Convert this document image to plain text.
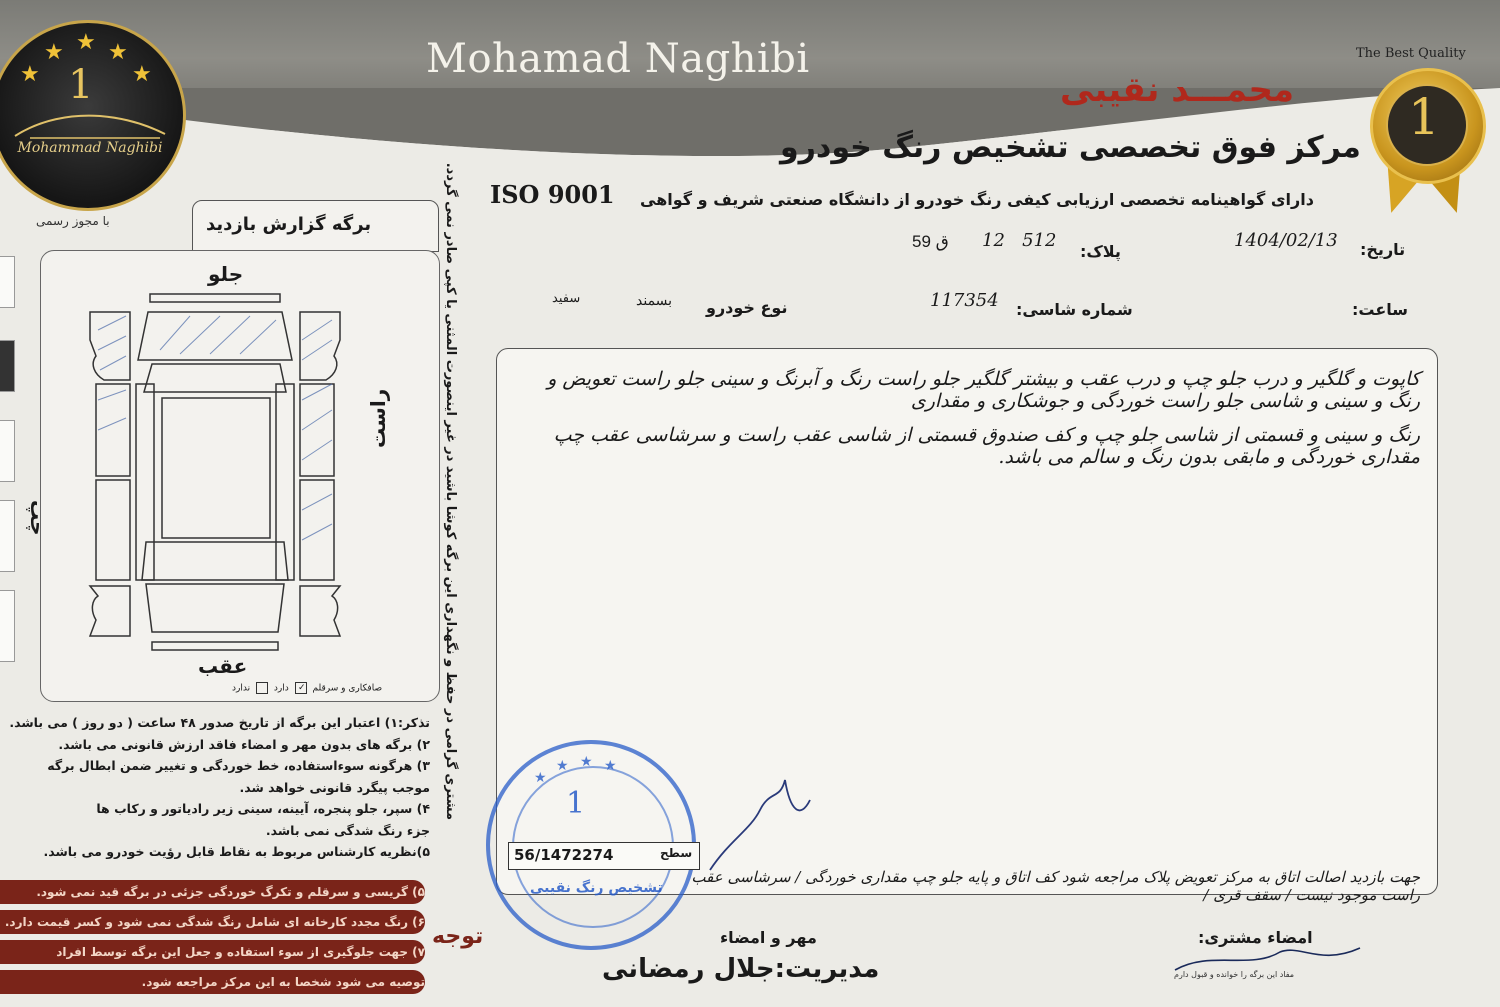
Mohamad Naghibi
★
★ ★ ★
★
1
Mohammad Naghibi
با مجوز رسمی
The Best Quality
1
محمـــد نقیبی
مرکز فوق تخصصی تشخیص رنگ خودرو
دارای گواهینامه تخصصی ارزیابی کیفی رنگ خودرو از دانشگاه صنعتی شریف و گواهی
ISO 9001
تاریخ:
1404/02/13
پلاک:
12   512
ق 59
ساعت:
شماره شاسی:
117354
نوع خودرو
بسمند
سفید
برگه گزارش بازدید
جلو
عقب
راست
چپ
صافکاری و سرقلم ✓ دارد  ندارد	مشتری گرامی در حفظ و نگهداری این برگه کوشا باشید در غیر اینصورت المثنی یا کپی صادر نمی گردد.
تذکر:۱) اعتبار این برگه از تاریخ صدور ۴۸ ساعت ( دو روز ) می باشد.
۲) برگه های بدون مهر و امضاء فاقد ارزش قانونی می باشد.
۳) هرگونه سوءاستفاده، خط خوردگی و تغییر ضمن ابطال برگه
موجب پیگرد قانونی خواهد شد.
۴) سپر، جلو پنجره، آیینه، سینی زیر رادیاتور و رکاب ها
جزء رنگ شدگی نمی باشد.
۵)نظریه کارشناس مربوط به نقاط قابل رؤیت خودرو می باشد.
۵) گریسی و سرقلم و تکرگ خوردگی جزئی در برگه قید نمی شود.
۶) رنگ مجدد کارخانه ای شامل رنگ شدگی نمی شود و کسر قیمت دارد.
۷) جهت جلوگیری از سوء استفاده و جعل این برگه توسط افراد
توصیه می شود شخصا به این مرکز مراجعه شود.
توجه
کاپوت و گلگیر و درب جلو چپ و درب عقب و بیشتر گلگیر جلو راست رنگ و آبرنگ و سینی جلو راست تعویض و رنگ و سینی و شاسی جلو راست خوردگی و جوشکاری و مقداری
رنگ و سینی و قسمتی از شاسی جلو چپ و کف صندوق قسمتی از شاسی عقب راست و سرشاسی عقب چپ مقداری خوردگی و مابقی بدون رنگ و سالم می باشد.
★
★ ★ ★
1
تشخیص رنگ نقیبی
56/1472274	سطح
جهت بازدید اصالت اتاق به مرکز تعویض پلاک مراجعه شود کف اتاق و پایه جلو چپ مقداری خوردگی / سرشاسی عقب راست موجود نیست / سقف قری /
مهر و امضاء
مدیریت:جلال رمضانی
امضاء مشتری:
مفاد این برگه را خوانده و قبول دارم
